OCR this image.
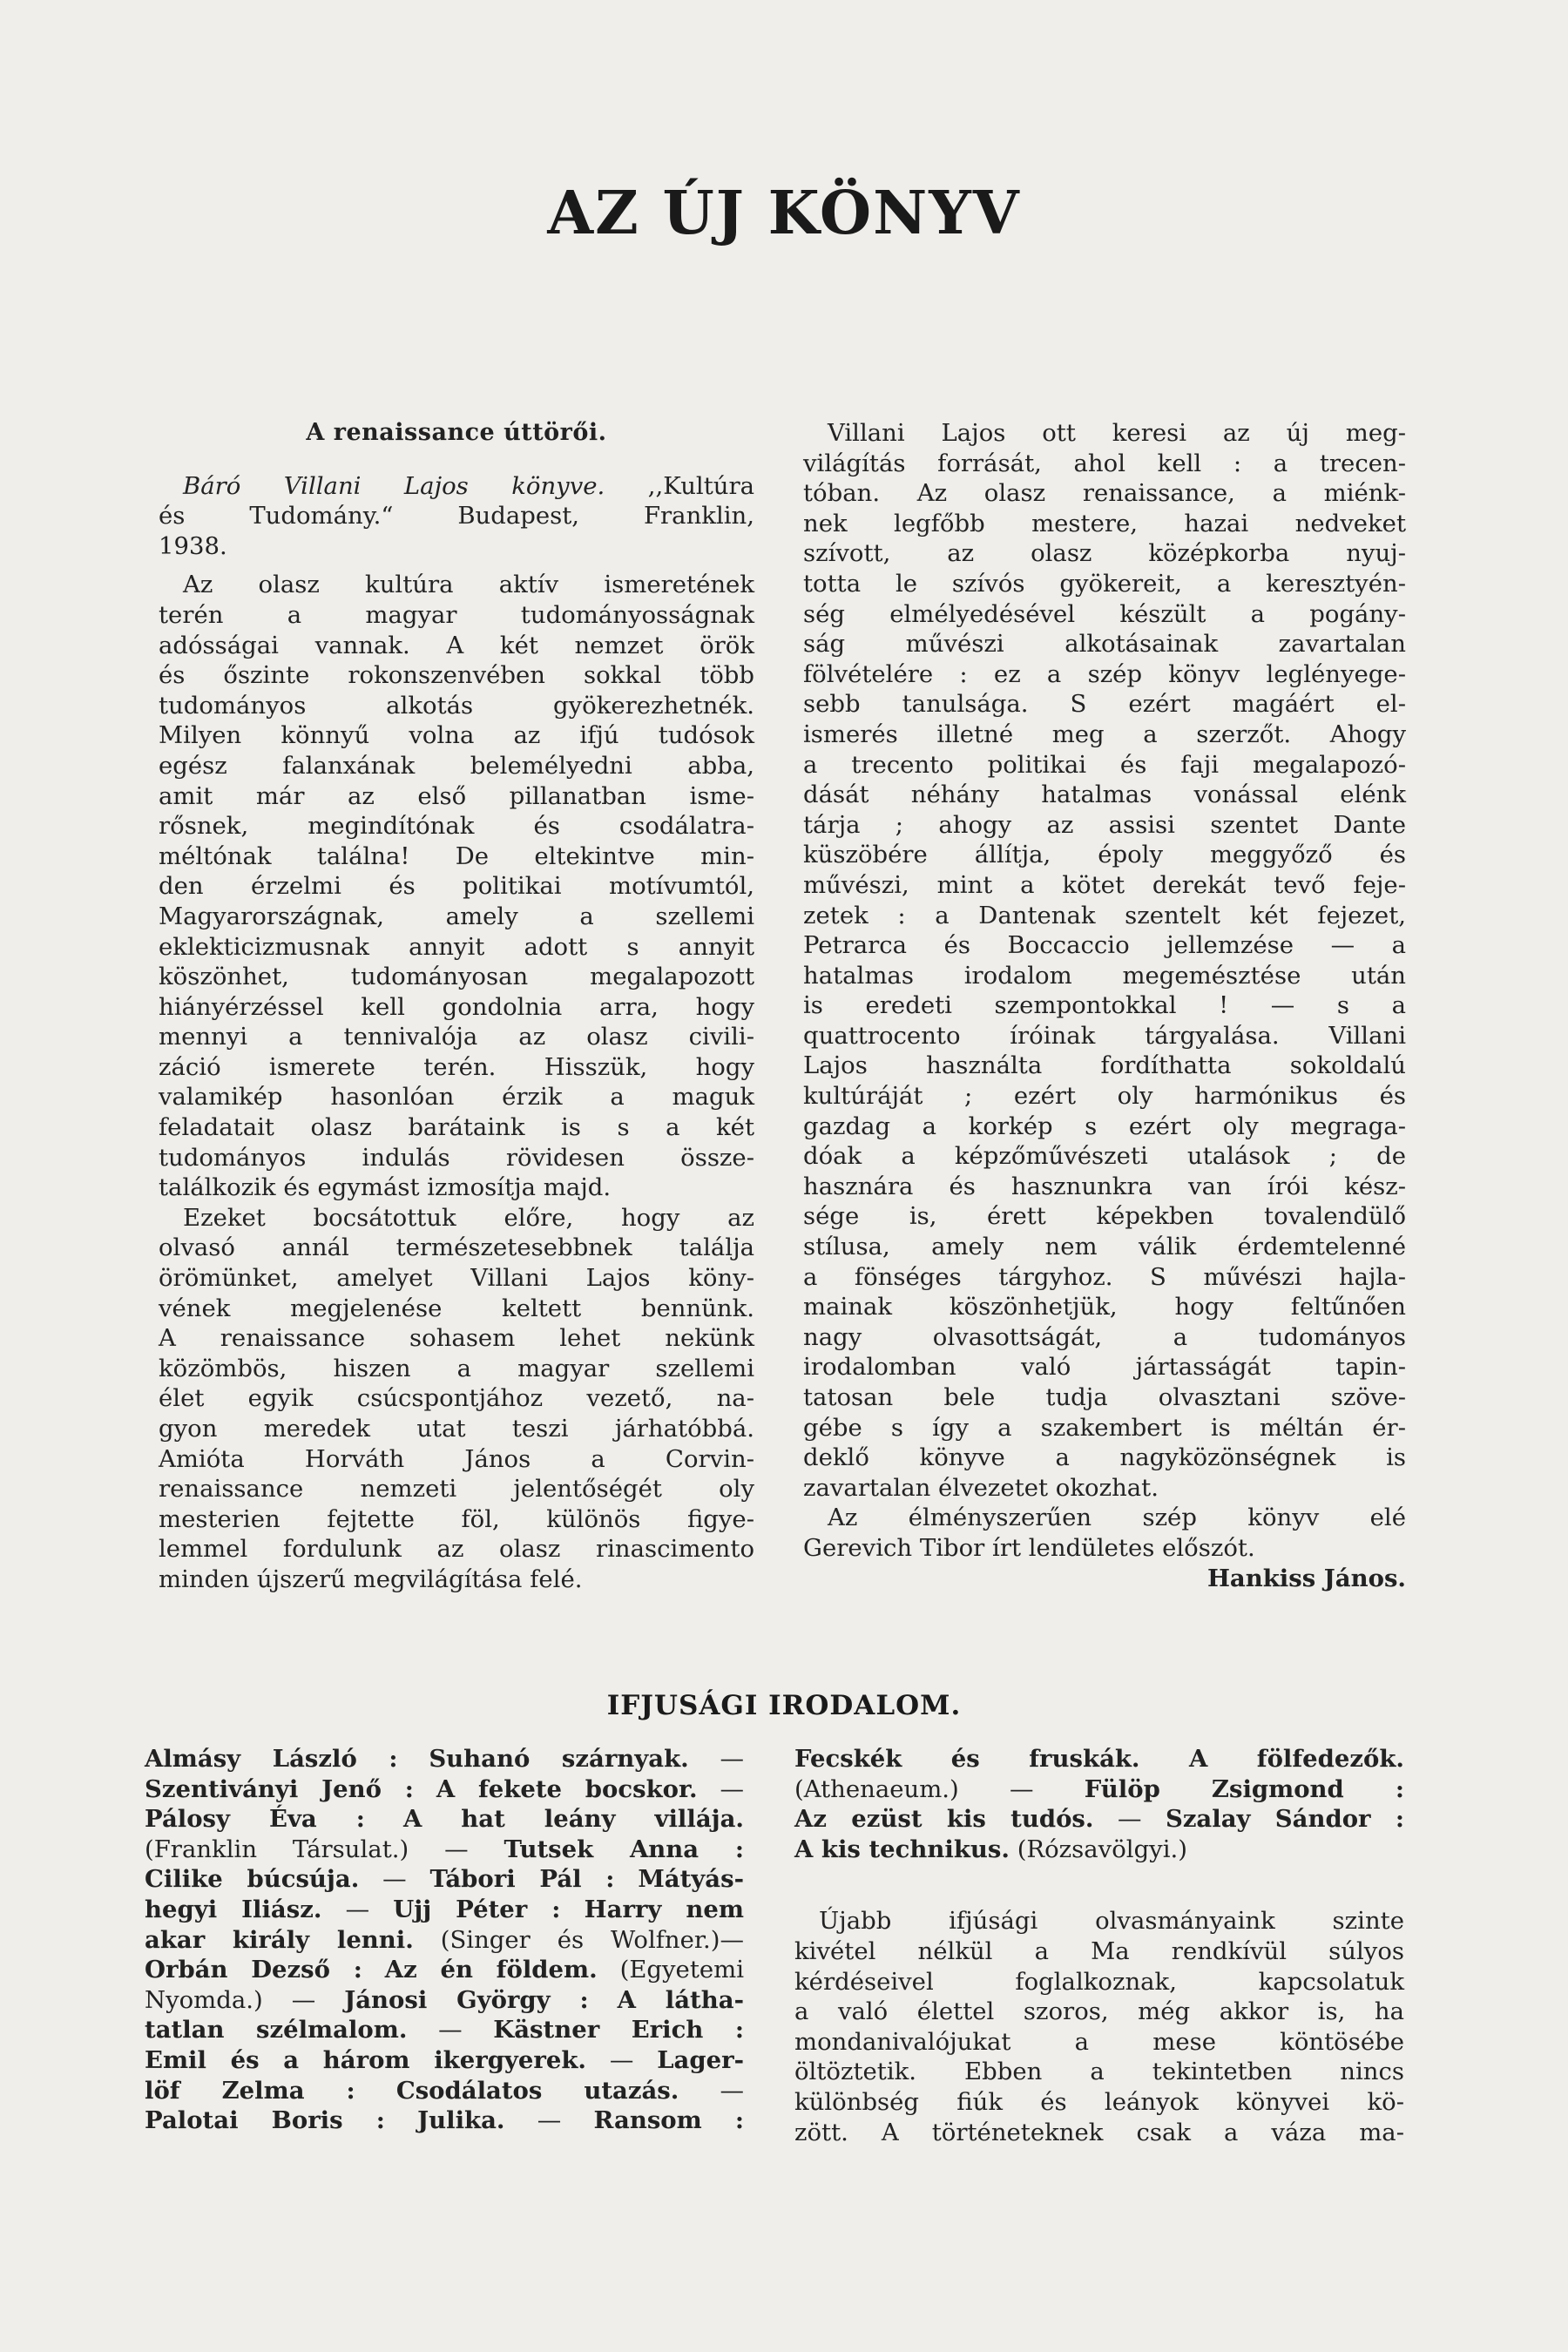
AZ ÚJ KÖNYV
A renaissance úttörői.
Báró Villani Lajos könyve. ,,Kultúra
és Tudomány.“ Budapest, Franklin,
1938.
Az olasz kultúra aktív ismeretének
terén a magyar tudományosságnak
adósságai vannak. A két nemzet örök
és őszinte rokonszenvében sokkal több
tudományos alkotás gyökerezhetnék.
Milyen könnyű volna az ifjú tudósok
egész falanxának belemélyedni abba,
amit már az első pillanatban isme-
rősnek, megindítónak és csodálatra-
méltónak találna! De eltekintve min-
den érzelmi és politikai motívumtól,
Magyarországnak, amely a szellemi
eklekticizmusnak annyit adott s annyit
köszönhet, tudományosan megalapozott
hiányérzéssel kell gondolnia arra, hogy
mennyi a tennivalója az olasz civili-
záció ismerete terén. Hisszük, hogy
valamikép hasonlóan érzik a maguk
feladatait olasz barátaink is s a két
tudományos indulás rövidesen össze-
találkozik és egymást izmosítja majd.
Ezeket bocsátottuk előre, hogy az
olvasó annál természetesebbnek találja
örömünket, amelyet Villani Lajos köny-
vének megjelenése keltett bennünk.
A renaissance sohasem lehet nekünk
közömbös, hiszen a magyar szellemi
élet egyik csúcspontjához vezető, na-
gyon meredek utat teszi járhatóbbá.
Amióta Horváth János a Corvin-
renaissance nemzeti jelentőségét oly
mesterien fejtette föl, különös figye-
lemmel fordulunk az olasz rinascimento
minden újszerű megvilágítása felé.
Villani Lajos ott keresi az új meg-
világítás forrását, ahol kell : a trecen-
tóban. Az olasz renaissance, a miénk-
nek legfőbb mestere, hazai nedveket
szívott, az olasz középkorba nyuj-
totta le szívós gyökereit, a keresztyén-
ség elmélyedésével készült a pogány-
ság művészi alkotásainak zavartalan
fölvételére : ez a szép könyv leglényege-
sebb tanulsága. S ezért magáért el-
ismerés illetné meg a szerzőt. Ahogy
a trecento politikai és faji megalapozó-
dását néhány hatalmas vonással elénk
tárja ; ahogy az assisi szentet Dante
küszöbére állítja, époly meggyőző és
művészi, mint a kötet derekát tevő feje-
zetek : a Dantenak szentelt két fejezet,
Petrarca és Boccaccio jellemzése — a
hatalmas irodalom megemésztése után
is eredeti szempontokkal ! — s a
quattrocento íróinak tárgyalása. Villani
Lajos használta fordíthatta sokoldalú
kultúráját ; ezért oly harmónikus és
gazdag a korkép s ezért oly megraga-
dóak a képzőművészeti utalások ; de
hasznára és hasznunkra van írói kész-
sége is, érett képekben tovalendülő
stílusa, amely nem válik érdemtelenné
a fönséges tárgyhoz. S művészi hajla-
mainak köszönhetjük, hogy feltűnően
nagy olvasottságát, a tudományos
irodalomban való jártasságát tapin-
tatosan bele tudja olvasztani szöve-
gébe s így a szakembert is méltán ér-
deklő könyve a nagyközönségnek is
zavartalan élvezetet okozhat.
Az élményszerűen szép könyv elé
Gerevich Tibor írt lendületes előszót.
Hankiss János.
IFJUSÁGI IRODALOM.
Almásy László : Suhanó szárnyak. —
Szentiványi Jenő : A fekete bocskor. —
Pálosy Éva : A hat leány villája.
(Franklin Társulat.) — Tutsek Anna :
Cilike búcsúja. — Tábori Pál : Mátyás-
hegyi Iliász. — Ujj Péter : Harry nem
akar király lenni. (Singer és Wolfner.)—
Orbán Dezső : Az én földem. (Egyetemi
Nyomda.) — Jánosi György : A látha-
tatlan szélmalom. — Kästner Erich :
Emil és a három ikergyerek. — Lager-
löf Zelma : Csodálatos utazás. —
Palotai Boris : Julika. — Ransom :
Fecskék és fruskák. A fölfedezők.
(Athenaeum.) — Fülöp Zsigmond :
Az ezüst kis tudós. — Szalay Sándor :
A kis technikus. (Rózsavölgyi.)
Újabb ifjúsági olvasmányaink szinte
kivétel nélkül a Ma rendkívül súlyos
kérdéseivel foglalkoznak, kapcsolatuk
a való élettel szoros, még akkor is, ha
mondanivalójukat a mese köntösébe
öltöztetik. Ebben a tekintetben nincs
különbség fiúk és leányok könyvei kö-
zött. A történeteknek csak a váza ma-
